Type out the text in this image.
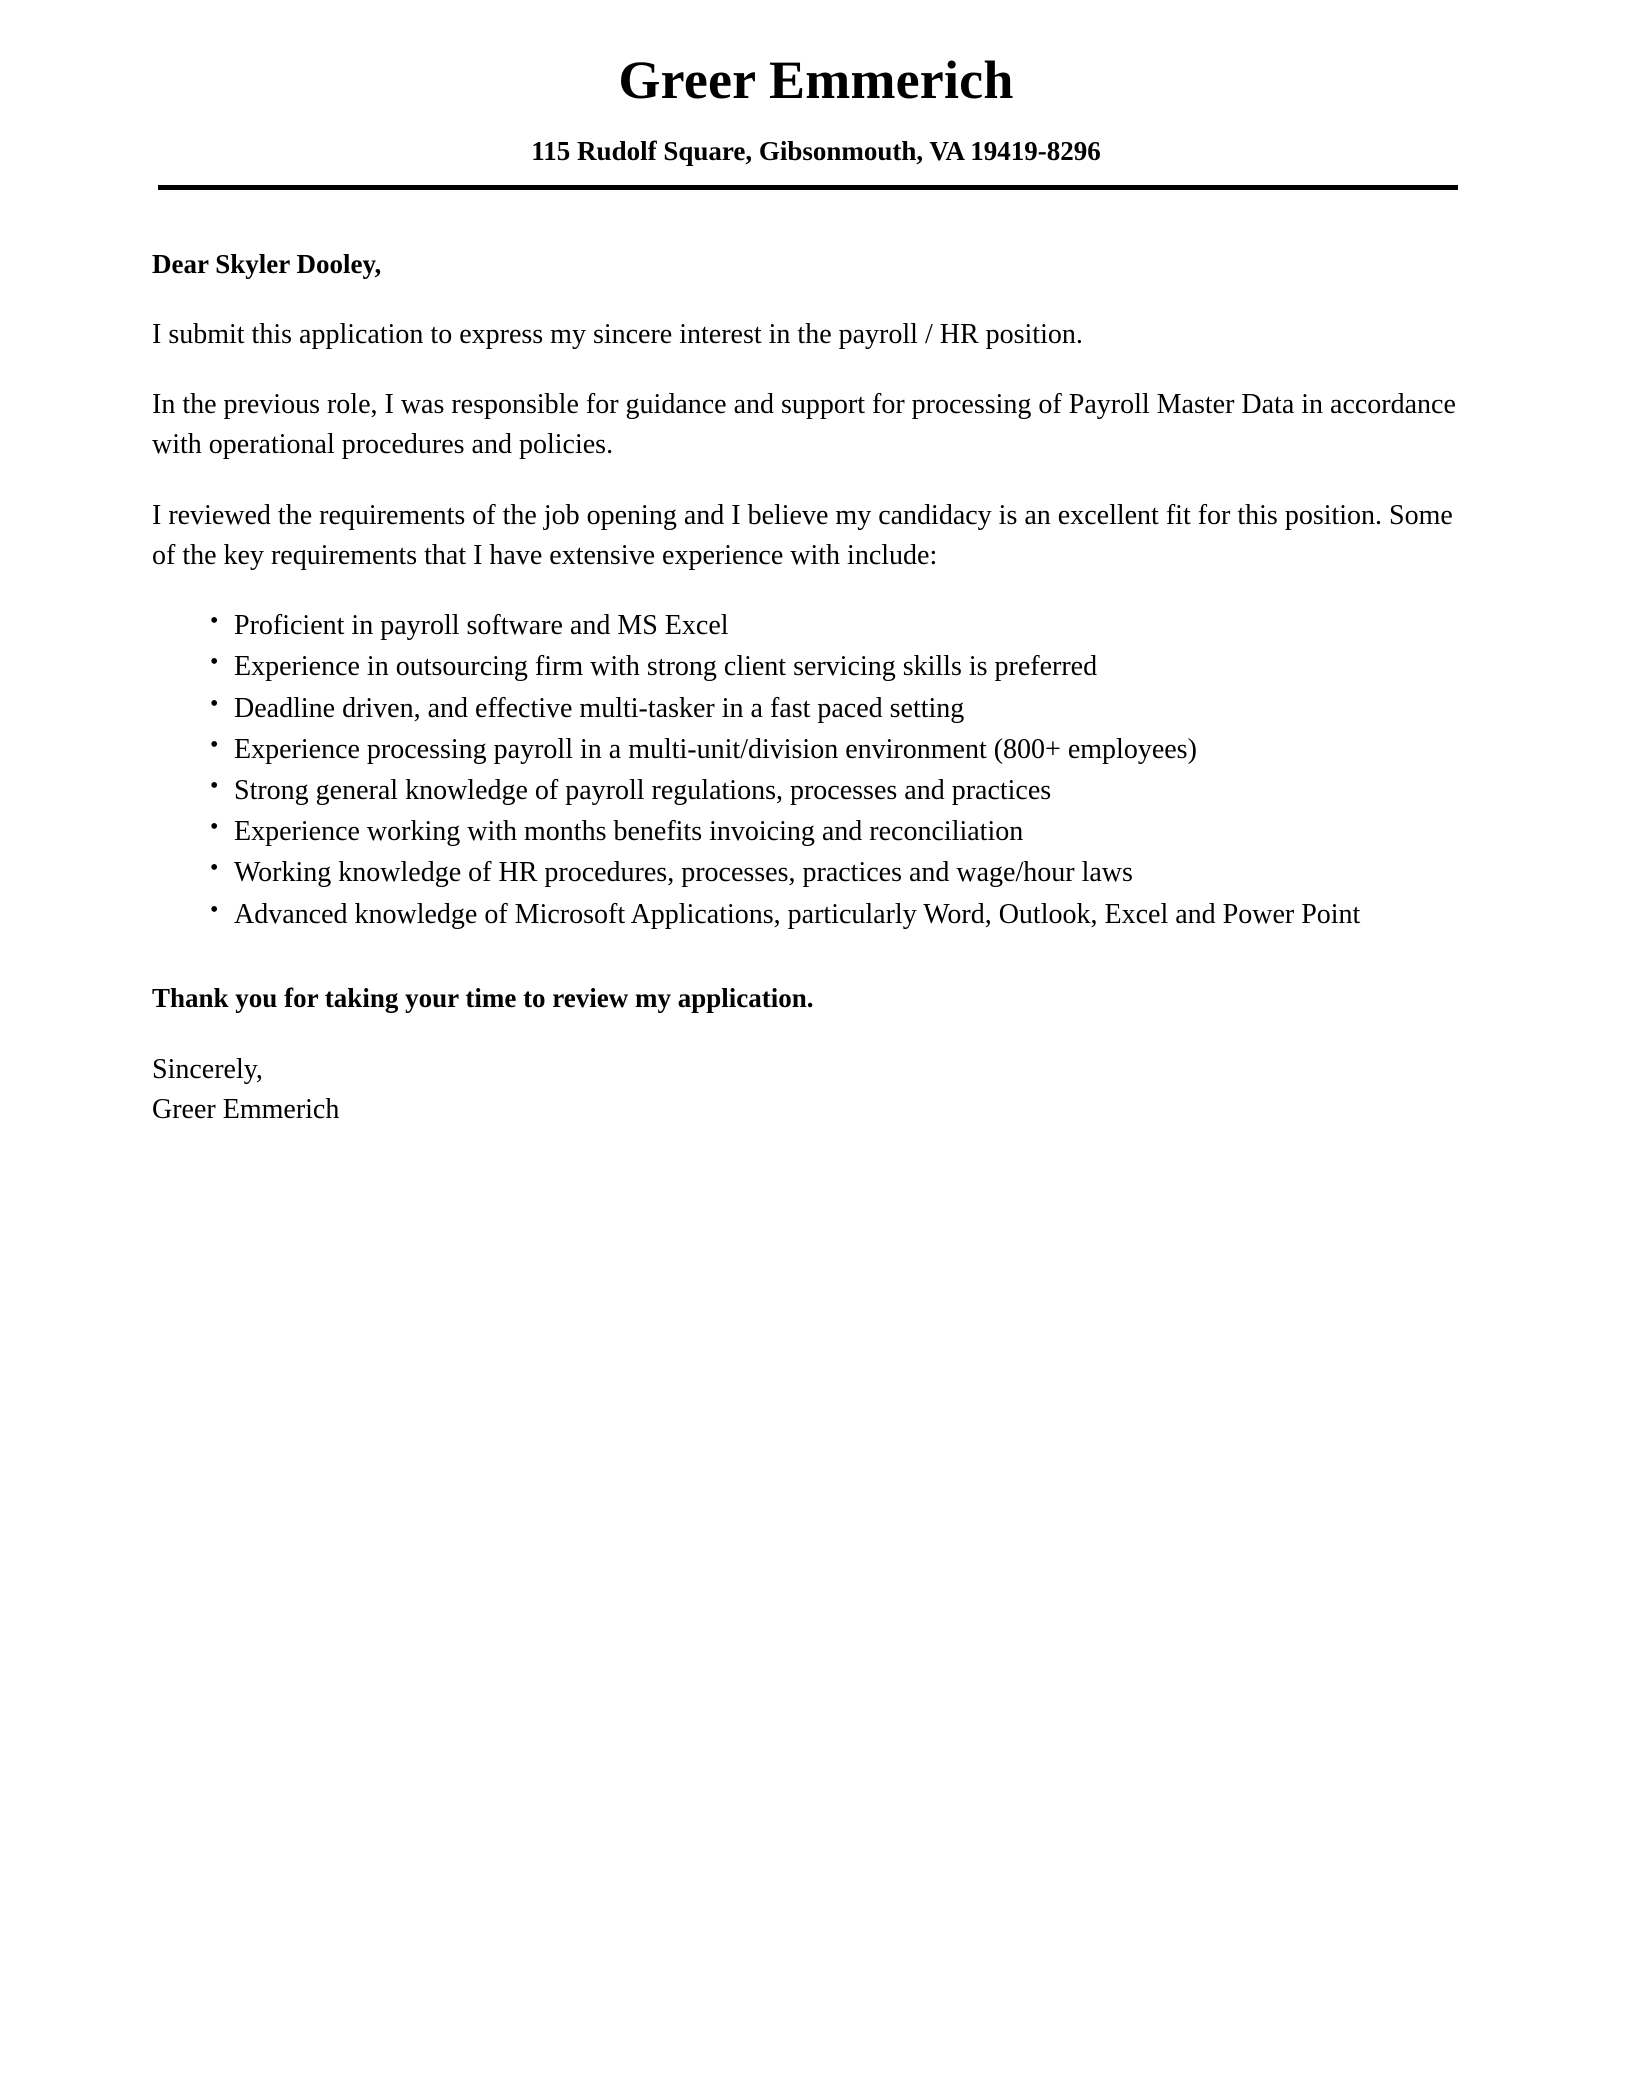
Greer Emmerich
115 Rudolf Square, Gibsonmouth, VA 19419-8296
Dear Skyler Dooley,

I submit this application to express my sincere interest in the payroll / HR position.

In the previous role, I was responsible for guidance and support for processing of Payroll Master Data in accordance with operational procedures and policies.

I reviewed the requirements of the job opening and I believe my candidacy is an excellent fit for this position. Some of the key requirements that I have extensive experience with include:

• Proficient in payroll software and MS Excel
• Experience in outsourcing firm with strong client servicing skills is preferred
• Deadline driven, and effective multi-tasker in a fast paced setting
• Experience processing payroll in a multi-unit/division environment (800+ employees)
• Strong general knowledge of payroll regulations, processes and practices
• Experience working with months benefits invoicing and reconciliation
• Working knowledge of HR procedures, processes, practices and wage/hour laws
• Advanced knowledge of Microsoft Applications, particularly Word, Outlook, Excel and Power Point
Thank you for taking your time to review my application.
Sincerely,
Greer Emmerich
